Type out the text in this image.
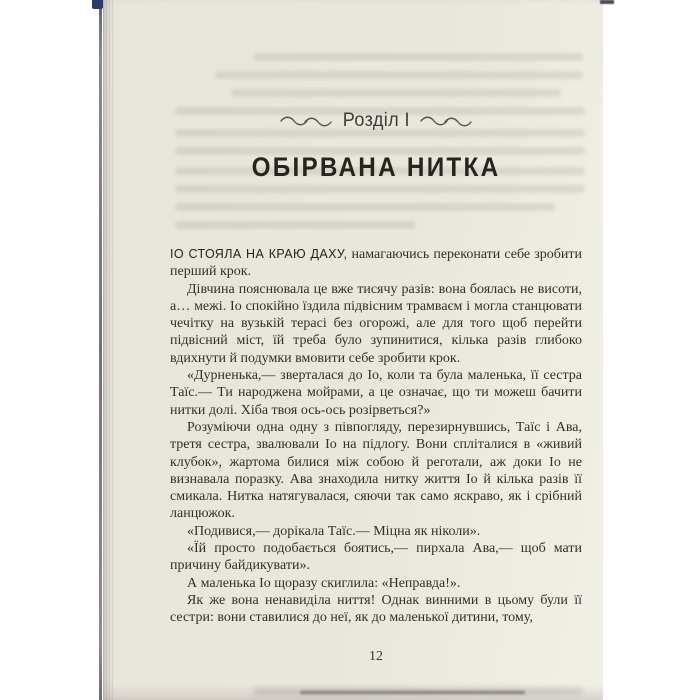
Розділ I
ОБІРВАНА НИТКА

ІО СТОЯЛА НА КРАЮ ДАХУ, намагаючись переконати себе зробити перший крок.

Дівчина пояснювала це вже тисячу разів: вона боялась не висоти, а… межі. Іо спокійно їздила підвісним трамваєм і могла станцювати чечітку на вузькій терасі без огорожі, але для того щоб перейти підвісний міст, їй треба було зупинитися, кілька разів глибоко вдихнути й подумки вмовити себе зробити крок.

«Дурненька,— зверталася до Іо, коли та була маленька, її сестра Таїс.— Ти народжена мойрами, а це означає, що ти можеш бачити нитки долі. Хіба твоя ось-ось розірветься?»

Розуміючи одна одну з півпогляду, перезирнувшись, Таїс і Ава, третя сестра, звалювали Іо на підлогу. Вони спліталися в «живий клубок», жартома билися між собою й реготали, аж доки Іо не визнавала поразку. Ава знаходила нитку життя Іо й кілька разів її смикала. Нитка натягувалася, сяючи так само яскраво, як і срібний ланцюжок.

«Подивися,— дорікала Таїс.— Міцна як ніколи».

«Їй просто подобається боятись,— пирхала Ава,— щоб мати причину байдикувати».

А маленька Іо щоразу скиглила: «Неправда!».

Як же вона ненавиділа ниття! Однак винними в цьому були її сестри: вони ставилися до неї, як до маленької дитини, тому,

12
